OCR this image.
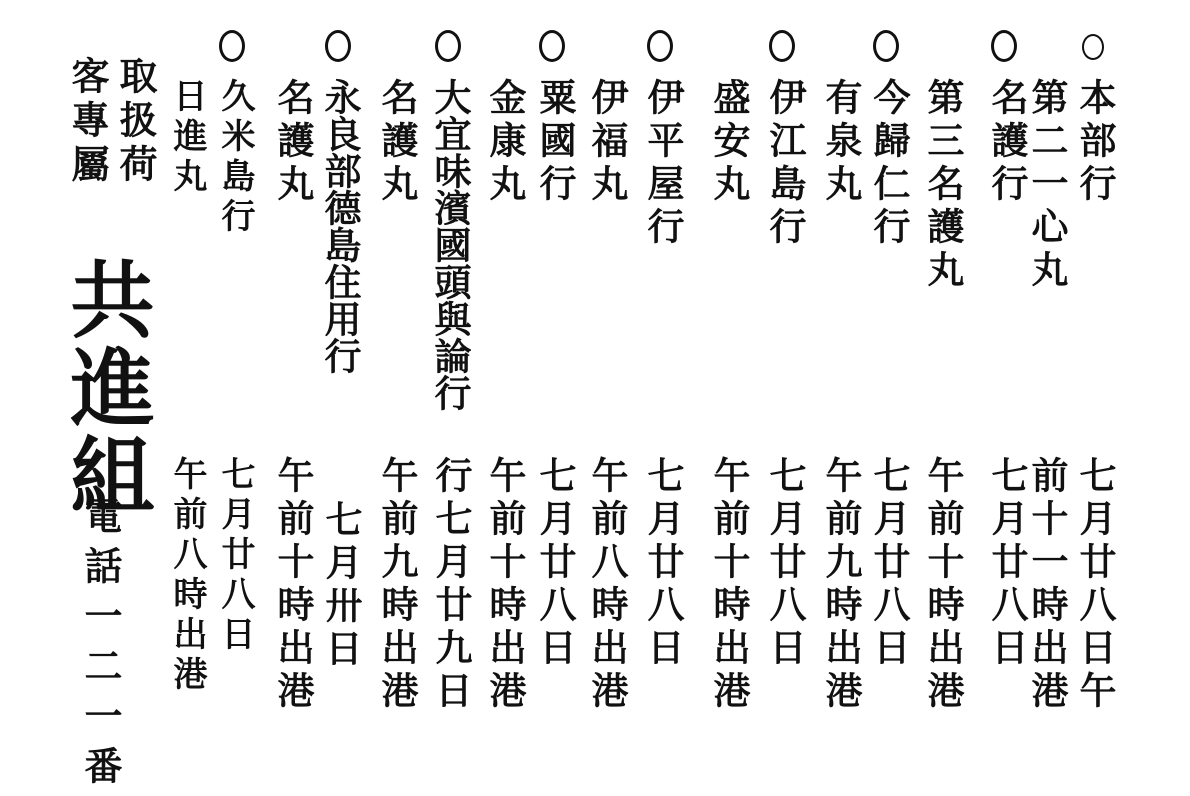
本部行
七月廿八日午
第二一心丸
前十一時出港
名護行
七月廿八日
第三名護丸
午前十時出港
今歸仁行
七月廿八日
有泉丸
午前九時出港
伊江島行
七月廿八日
盛安丸
午前十時出港
伊平屋行
七月廿八日
伊福丸
午前八時出港
粟國行
七月廿八日
金康丸
午前十時出港
大宜味濱國頭與論行
行七月廿九日
名護丸
午前九時出港
永良部德島住用行
七月卅日
名護丸
午前十時出港
久米島行
七月廿八日
日進丸
午前八時出港
取扱荷
客專屬
共進組
電話一二一番
